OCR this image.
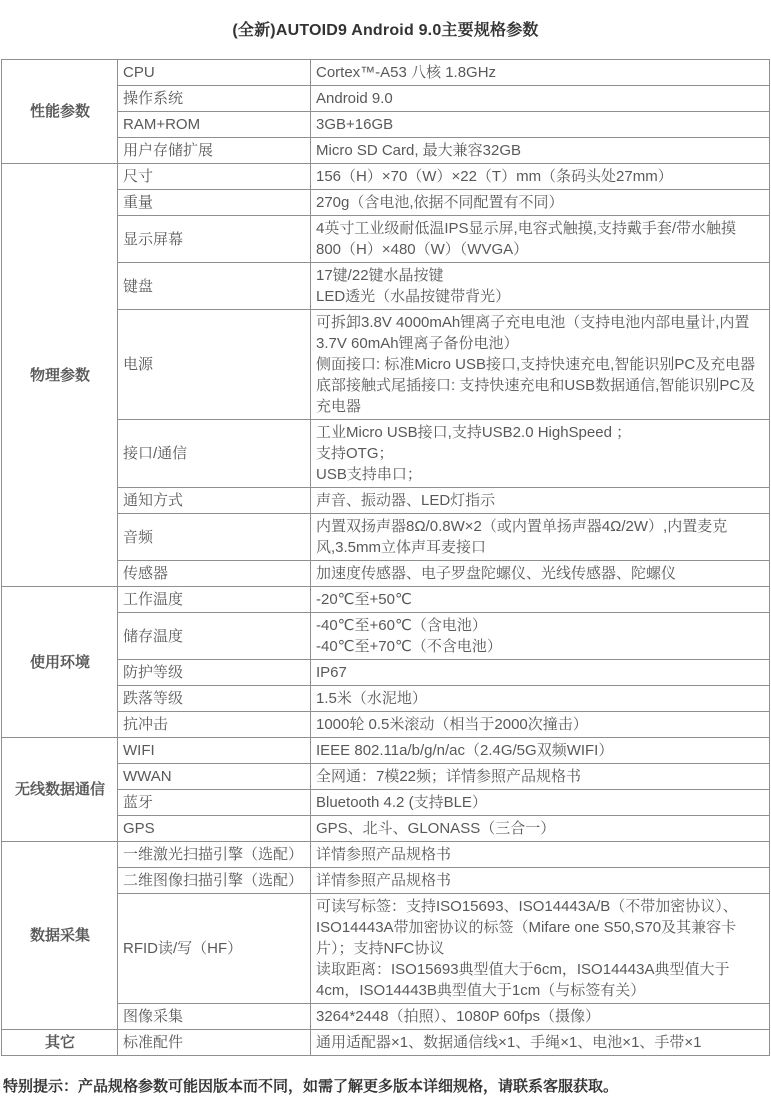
(全新)AUTOID9 Android 9.0主要规格参数
性能参数	CPU	Cortex™-A53 八核 1.8GHz

	操作系统	Android 9.0

	RAM+ROM	3GB+16GB

	用户存储扩展	Micro SD Card, 最大兼容32GB

物理参数	尺寸	156（H）×70（W）×22（T）mm（条码头处27mm）

	重量	270g（含电池,依据不同配置有不同）

	显示屏幕	4英寸工业级耐低温IPS显示屏,电容式触摸,支持戴手套/带水触摸
800（H）×480（W）（WVGA）

	键盘	17键/22键水晶按键
LED透光（水晶按键带背光）

	电源	可拆卸3.8V 4000mAh锂离子充电电池（支持电池内部电量计,内置3.7V 60mAh锂离子备份电池）
侧面接口: 标准Micro USB接口,支持快速充电,智能识别PC及充电器
底部接触式尾插接口: 支持快速充电和USB数据通信,智能识别PC及充电器

	接口/通信	工业Micro USB接口,支持USB2.0 HighSpeed ；
支持OTG；
USB支持串口；

	通知方式	声音、振动器、LED灯指示

	音频	内置双扬声器8Ω/0.8W×2（或内置单扬声器4Ω/2W）,内置麦克风,3.5mm立体声耳麦接口

	传感器	加速度传感器、电子罗盘陀螺仪、光线传感器、陀螺仪

使用环境	工作温度	-20℃至+50℃

	储存温度	-40℃至+60℃（含电池）
-40℃至+70℃（不含电池）

	防护等级	IP67

	跌落等级	1.5米（水泥地）

	抗冲击	1000轮 0.5米滚动（相当于2000次撞击）

无线数据通信	WIFI	IEEE 802.11a/b/g/n/ac（2.4G/5G双频WIFI）

	WWAN	全网通：7模22频；详情参照产品规格书

	蓝牙	Bluetooth 4.2 (支持BLE）

	GPS	GPS、北斗、GLONASS（三合一）

数据采集	一维激光扫描引擎（选配）	详情参照产品规格书

	二维图像扫描引擎（选配）	详情参照产品规格书

	RFID读/写（HF）	可读写标签：支持ISO15693、ISO14443A/B（不带加密协议）、ISO14443A带加密协议的标签（Mifare one S50,S70及其兼容卡片）；支持NFC协议
读取距离：ISO15693典型值大于6cm，ISO14443A典型值大于4cm，ISO14443B典型值大于1cm（与标签有关）

	图像采集	3264*2448（拍照）、1080P 60fps（摄像）

其它	标准配件	通用适配器×1、数据通信线×1、手绳×1、电池×1、手带×1

特别提示：产品规格参数可能因版本而不同，如需了解更多版本详细规格，请联系客服获取。
